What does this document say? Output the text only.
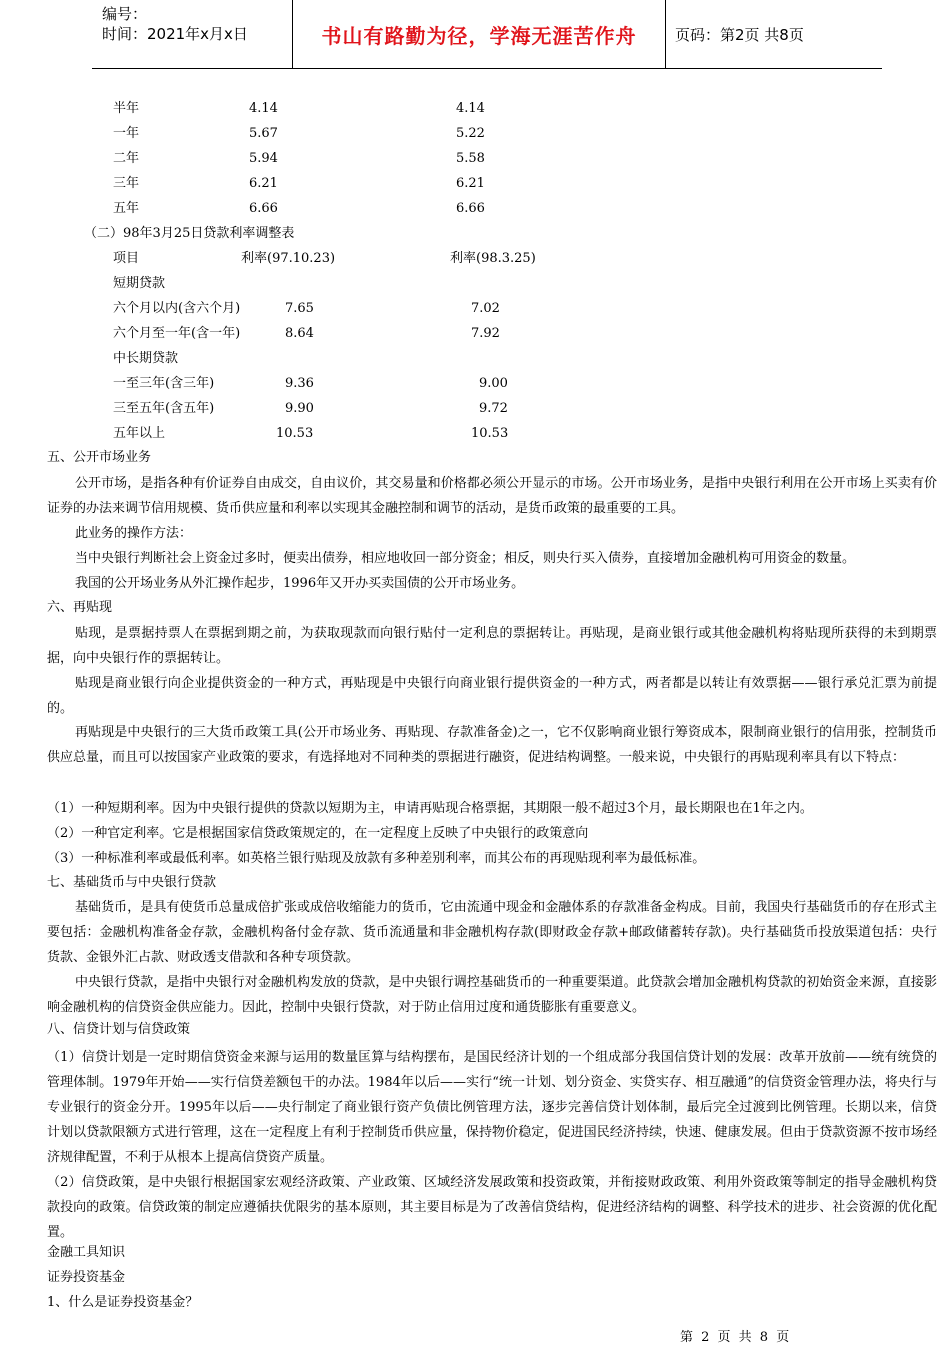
编号：
时间：2021年x月x日	书山有路勤为径，学海无涯苦作舟	页码：第2页 共8页
半年	4.14	4.14
一年	5.67	5.22
二年	5.94	5.58
三年	6.21	6.21
五年	6.66	6.66
（二）98年3月25日贷款利率调整表
项目	利率(97.10.23)	利率(98.3.25)
短期贷款
六个月以内(含六个月)	7.65	7.02
六个月至一年(含一年)	8.64	7.92
中长期贷款
一至三年(含三年)	9.36	9.00
三至五年(含五年)	9.90	9.72
五年以上	10.53	10.53
五、公开市场业务
公开市场，是指各种有价证券自由成交，自由议价，其交易量和价格都必须公开显示的市场。公开市场业务，是指中央银行利用在公开市场上买卖有价证券的办法来调节信用规模、货币供应量和利率以实现其金融控制和调节的活动，是货币政策的最重要的工具。
此业务的操作方法：
当中央银行判断社会上资金过多时，便卖出债券，相应地收回一部分资金；相反，则央行买入债券，直接增加金融机构可用资金的数量。
我国的公开场业务从外汇操作起步，1996年又开办买卖国债的公开市场业务。
六、再贴现
贴现，是票据持票人在票据到期之前，为获取现款而向银行贴付一定利息的票据转让。再贴现，是商业银行或其他金融机构将贴现所获得的未到期票据，向中央银行作的票据转让。
贴现是商业银行向企业提供资金的一种方式，再贴现是中央银行向商业银行提供资金的一种方式，两者都是以转让有效票据——银行承兑汇票为前提的。
再贴现是中央银行的三大货币政策工具(公开市场业务、再贴现、存款准备金)之一，它不仅影响商业银行筹资成本，限制商业银行的信用张，控制货币供应总量，而且可以按国家产业政策的要求，有选择地对不同种类的票据进行融资，促进结构调整。一般来说，中央银行的再贴现利率具有以下特点：
（1）一种短期利率。因为中央银行提供的贷款以短期为主，申请再贴现合格票据，其期限一般不超过3个月，最长期限也在1年之内。
（2）一种官定利率。它是根据国家信贷政策规定的，在一定程度上反映了中央银行的政策意向
（3）一种标准利率或最低利率。如英格兰银行贴现及放款有多种差别利率，而其公布的再现贴现利率为最低标准。
七、基础货币与中央银行贷款
基础货币，是具有使货币总量成倍扩张或成倍收缩能力的货币，它由流通中现金和金融体系的存款准备金构成。目前，我国央行基础货币的存在形式主要包括：金融机构准备金存款，金融机构备付金存款、货币流通量和非金融机构存款(即财政金存款+邮政储蓄转存款)。央行基础货币投放渠道包括：央行货款、金银外汇占款、财政透支借款和各种专项贷款。
中央银行贷款，是指中央银行对金融机构发放的贷款，是中央银行调控基础货币的一种重要渠道。此贷款会增加金融机构贷款的初始资金来源，直接影响金融机构的信贷资金供应能力。因此，控制中央银行贷款，对于防止信用过度和通货膨胀有重要意义。
八、信贷计划与信贷政策
（1）信贷计划是一定时期信贷资金来源与运用的数量匡算与结构摆布，是国民经济计划的一个组成部分我国信贷计划的发展：改革开放前——统有统贷的管理体制。1979年开始——实行信贷差额包干的办法。1984年以后——实行“统一计划、划分资金、实贷实存、相互融通”的信贷资金管理办法，将央行与专业银行的资金分开。1995年以后——央行制定了商业银行资产负债比例管理方法，逐步完善信贷计划体制，最后完全过渡到比例管理。长期以来，信贷计划以贷款限额方式进行管理，这在一定程度上有利于控制货币供应量，保持物价稳定，促进国民经济持续，快速、健康发展。但由于贷款资源不按市场经济规律配置，不利于从根本上提高信贷资产质量。
（2）信贷政策，是中央银行根据国家宏观经济政策、产业政策、区域经济发展政策和投资政策，并衔接财政政策、利用外资政策等制定的指导金融机构贷款投向的政策。信贷政策的制定应遵循扶优限劣的基本原则，其主要目标是为了改善信贷结构，促进经济结构的调整、科学技术的进步、社会资源的优化配置。
金融工具知识
证券投资基金
1、什么是证券投资基金？
第 2 页 共 8 页
